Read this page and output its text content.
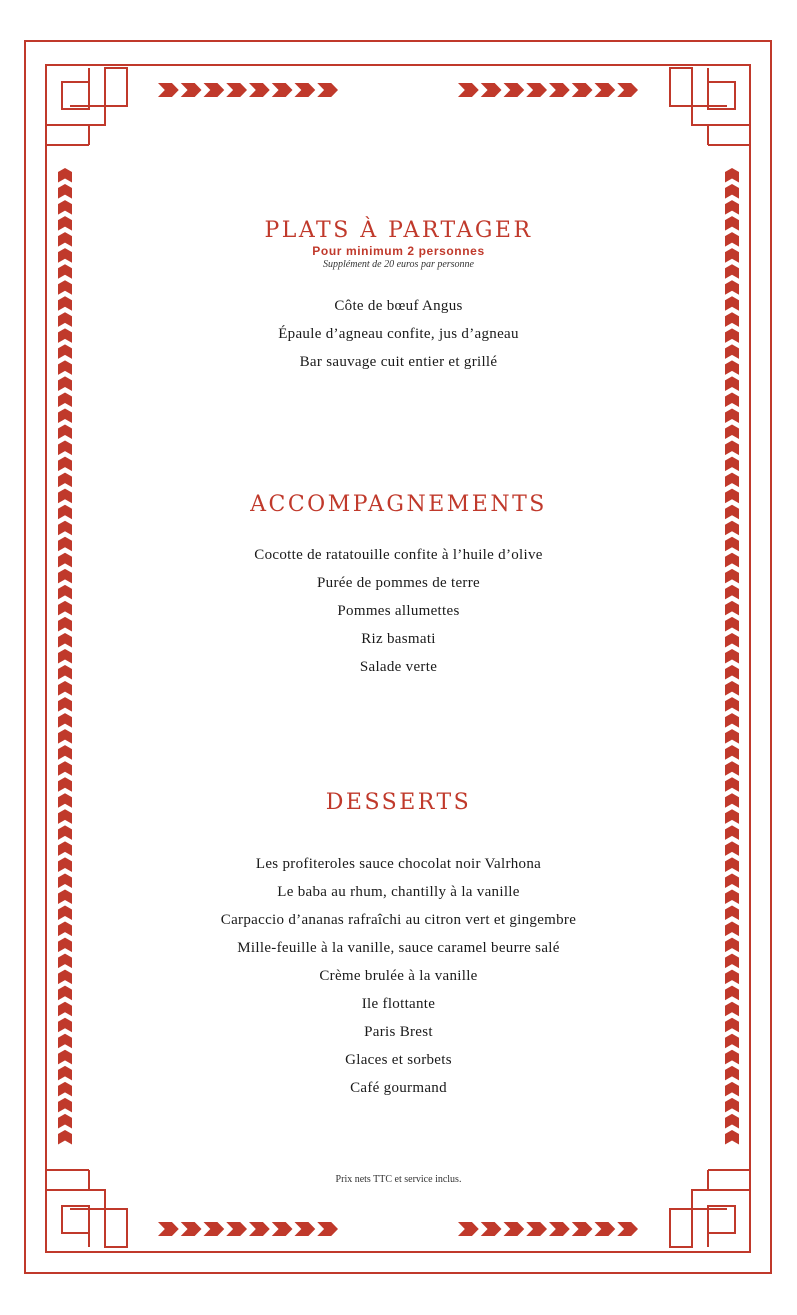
PLATS À PARTAGER
Pour minimum 2 personnes
Supplément de 20 euros par personne
Côte de bœuf Angus
Épaule d’agneau confite, jus d’agneau
Bar sauvage cuit entier et grillé
ACCOMPAGNEMENTS
Cocotte de ratatouille confite à l’huile d’olive
Purée de pommes de terre
Pommes allumettes
Riz basmati
Salade verte
DESSERTS
Les profiteroles sauce chocolat noir Valrhona
Le baba au rhum, chantilly à la vanille
Carpaccio d’ananas rafraîchi au citron vert et gingembre
Mille-feuille à la vanille, sauce caramel beurre salé
Crème brulée à la vanille
Ile flottante
Paris Brest
Glaces et sorbets
Café gourmand
Prix nets TTC et service inclus.
